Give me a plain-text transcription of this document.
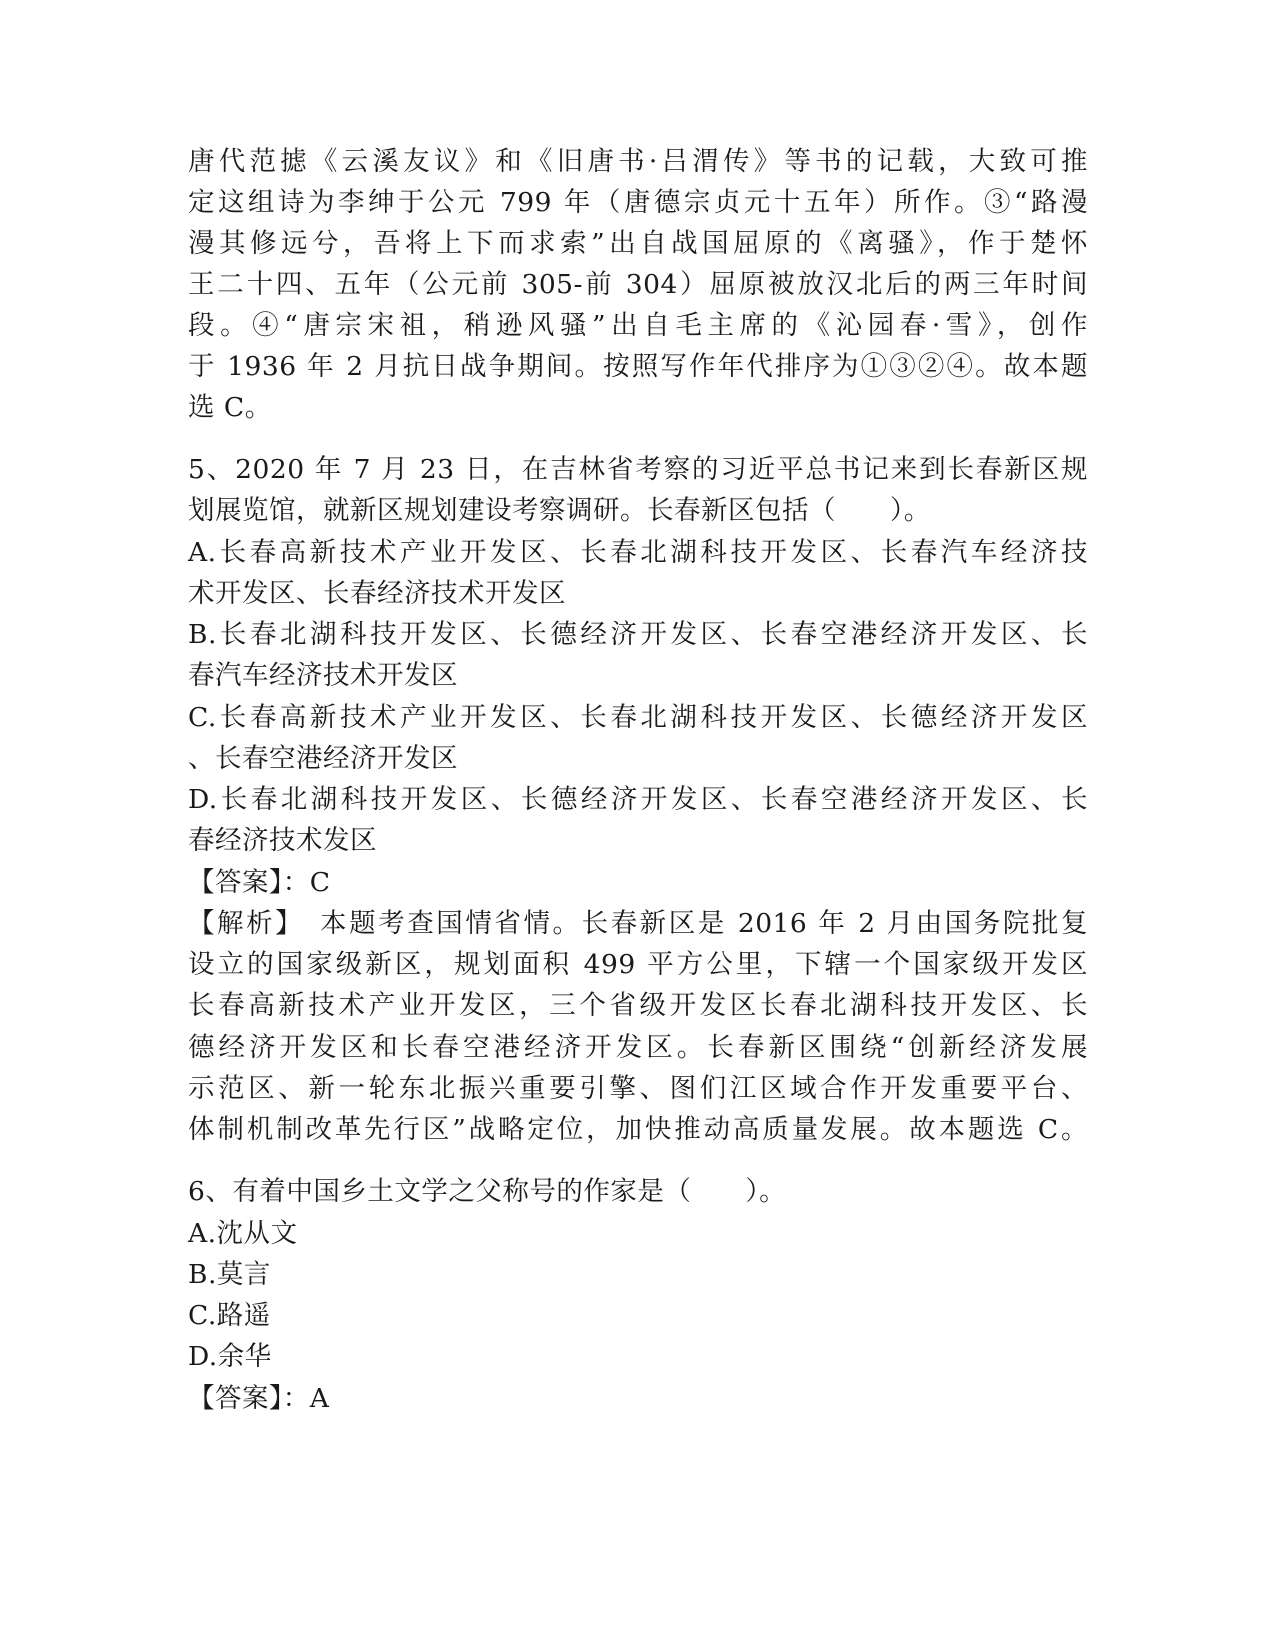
唐代范摅《云溪友议》和《旧唐书·吕渭传》等书的记载，大致可推
定这组诗为李绅于公元 799 年（唐德宗贞元十五年）所作。③“路漫
漫其修远兮，吾将上下而求索”出自战国屈原的《离骚》，作于楚怀
王二十四、五年（公元前 305-前 304）屈原被放汉北后的两三年时间
段。④“唐宗宋祖，稍逊风骚”出自毛主席的《沁园春·雪》，创作
于 1936 年 2 月抗日战争期间。按照写作年代排序为①③②④。故本题
选 C。
5、2020 年 7 月 23 日，在吉林省考察的习近平总书记来到长春新区规
划展览馆，就新区规划建设考察调研。长春新区包括（　　）。
A.长春高新技术产业开发区、长春北湖科技开发区、长春汽车经济技
术开发区、长春经济技术开发区
B.长春北湖科技开发区、长德经济开发区、长春空港经济开发区、长
春汽车经济技术开发区
C.长春高新技术产业开发区、长春北湖科技开发区、长德经济开发区
、长春空港经济开发区
D.长春北湖科技开发区、长德经济开发区、长春空港经济开发区、长
春经济技术发区
【答案】：C
【解析】　本题考查国情省情。长春新区是 2016 年 2 月由国务院批复
设立的国家级新区，规划面积 499 平方公里，下辖一个国家级开发区
长春高新技术产业开发区，三个省级开发区长春北湖科技开发区、长
德经济开发区和长春空港经济开发区。长春新区围绕“创新经济发展
示范区、新一轮东北振兴重要引擎、图们江区域合作开发重要平台、
体制机制改革先行区”战略定位，加快推动高质量发展。故本题选 C。
6、有着中国乡土文学之父称号的作家是（　　）。
A.沈从文
B.莫言
C.路遥
D.余华
【答案】：A
